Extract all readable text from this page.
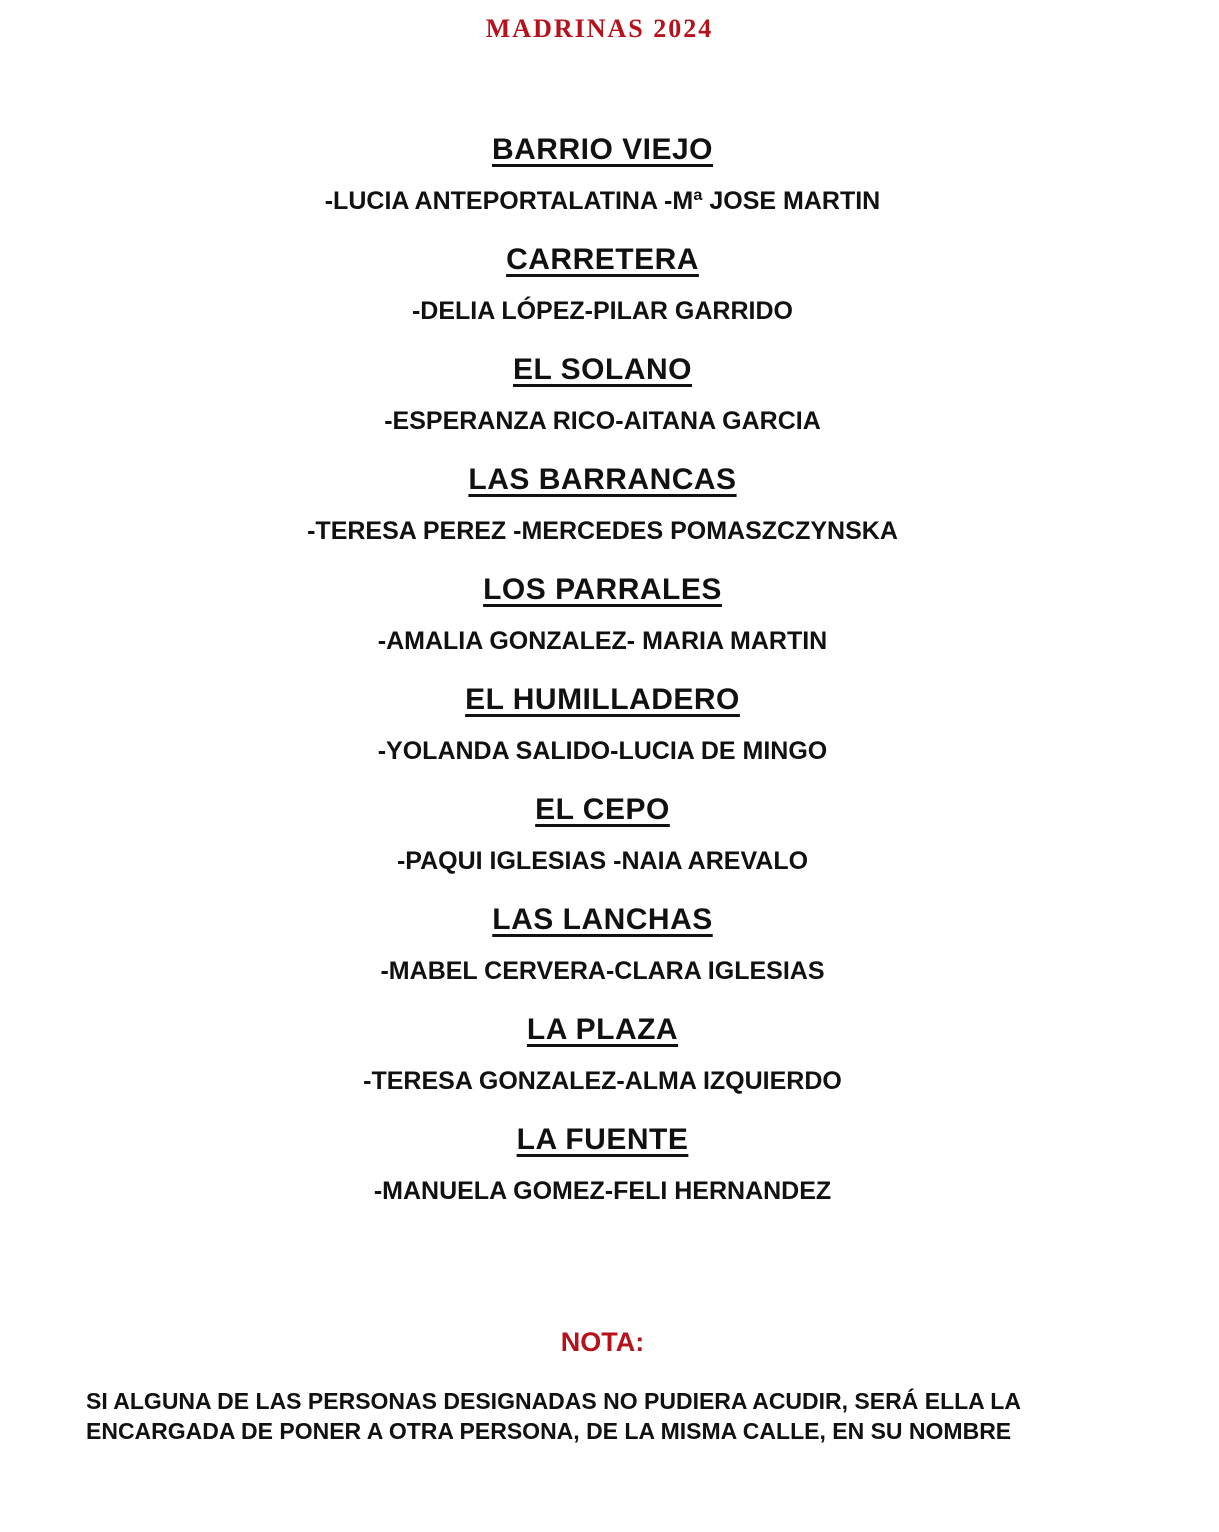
MADRINAS 2024
BARRIO VIEJO
-LUCIA ANTEPORTALATINA -Mª JOSE MARTIN
CARRETERA
-DELIA LÓPEZ-PILAR GARRIDO
EL SOLANO
-ESPERANZA RICO-AITANA GARCIA
LAS BARRANCAS
-TERESA PEREZ -MERCEDES POMASZCZYNSKA
LOS PARRALES
-AMALIA GONZALEZ- MARIA MARTIN
EL HUMILLADERO
-YOLANDA SALIDO-LUCIA DE MINGO
EL CEPO
-PAQUI IGLESIAS -NAIA AREVALO
LAS LANCHAS
-MABEL CERVERA-CLARA IGLESIAS
LA PLAZA
-TERESA GONZALEZ-ALMA IZQUIERDO
LA FUENTE
-MANUELA GOMEZ-FELI HERNANDEZ
NOTA:
SI ALGUNA DE LAS PERSONAS DESIGNADAS NO PUDIERA ACUDIR, SERÁ ELLA LA ENCARGADA DE PONER A OTRA PERSONA, DE LA MISMA CALLE, EN SU NOMBRE
